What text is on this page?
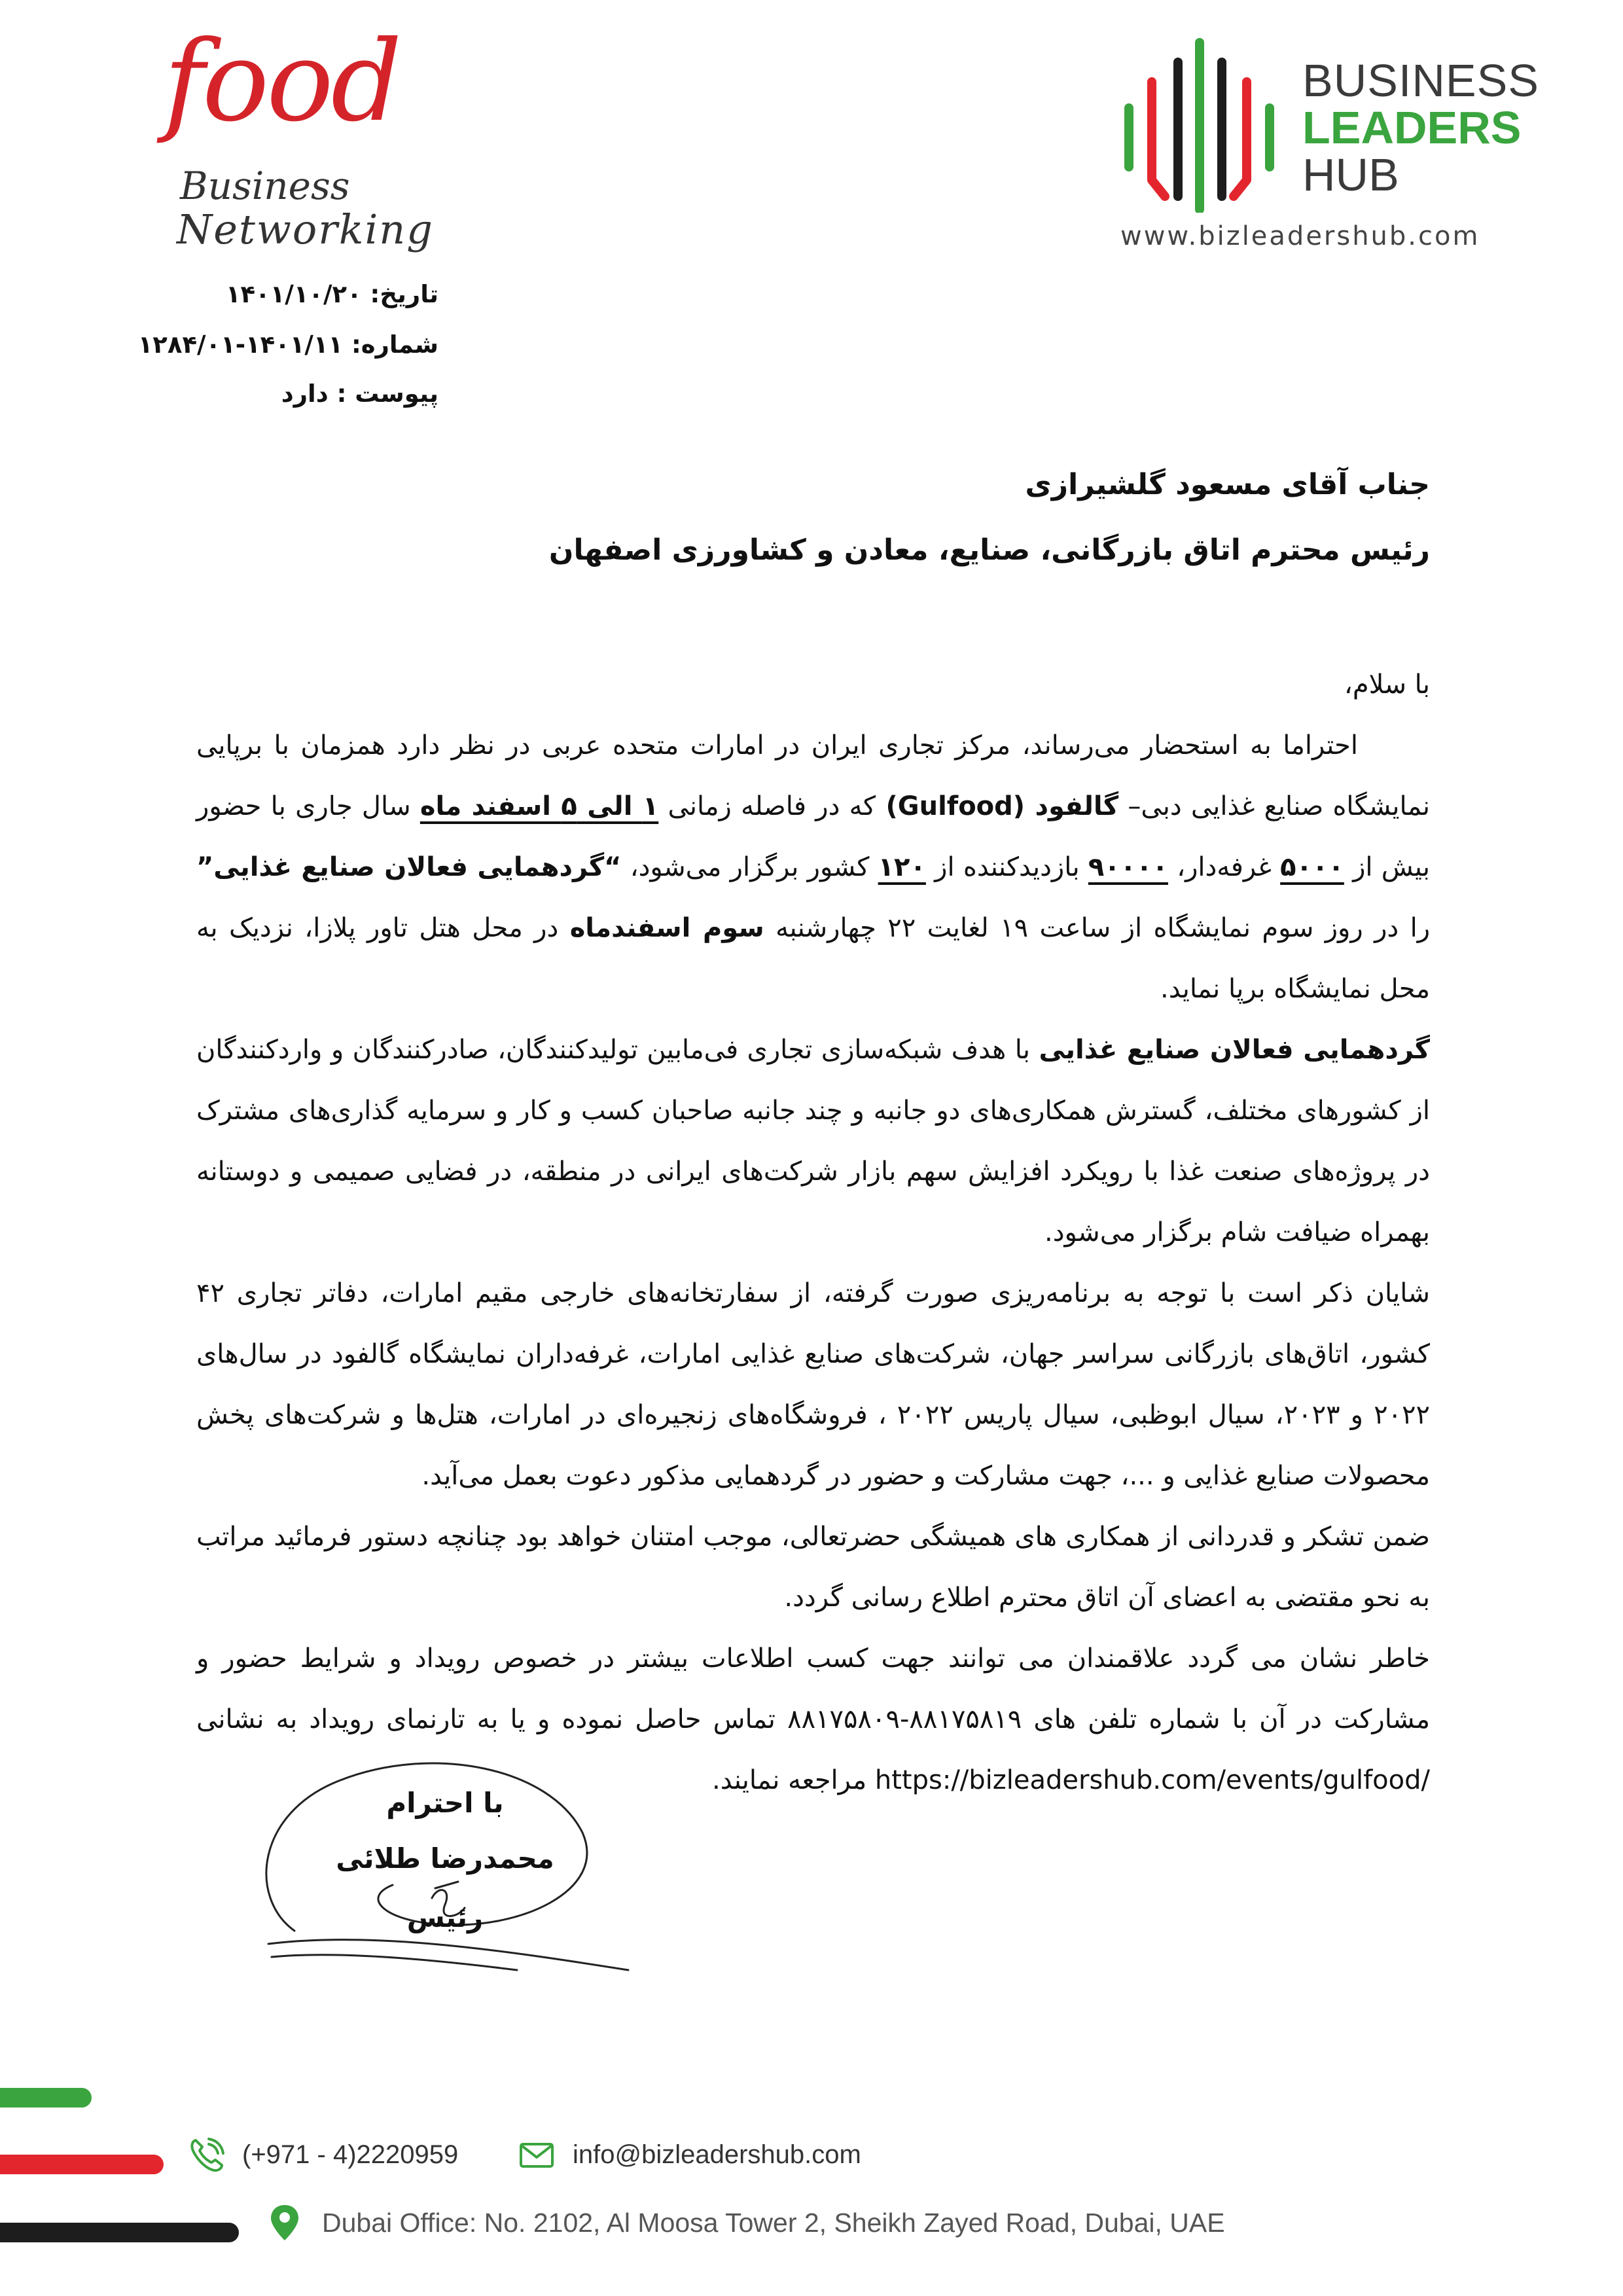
food
Business
Networking
BUSINESS
LEADERS
HUB
www.bizleadershub.com
تاریخ: ۱۴۰۱/۱۰/۲۰
شماره: ۱۴۰۱/۱۱-۱۲۸۴/۰۱
پیوست : دارد
جناب آقای مسعود گلشیرازی
رئیس محترم اتاق بازرگانی، صنایع، معادن و کشاورزی اصفهان

با سلام،

احتراما به استحضار می‌رساند، مرکز تجاری ایران در امارات متحده عربی در نظر دارد همزمان با برپایی نمایشگاه صنایع غذایی دبی– گالفود (Gulfood) که در فاصله زمانی ۱ الی ۵ اسفند ماه سال جاری با حضور بیش از ۵۰۰۰ غرفه‌دار، ۹۰۰۰۰ بازدیدکننده از ۱۲۰ کشور برگزار می‌شود، “گردهمایی فعالان صنایع غذایی” را در روز سوم نمایشگاه از ساعت ۱۹ لغایت ۲۲ چهارشنبه سوم اسفندماه در محل هتل تاور پلازا، نزدیک به محل نمایشگاه برپا نماید.

گردهمایی فعالان صنایع غذایی با هدف شبکه‌سازی تجاری فی‌مابین تولیدکنندگان، صادرکنندگان و واردکنندگان از کشورهای مختلف، گسترش همکاری‌های دو جانبه و چند جانبه صاحبان کسب و کار و سرمایه گذاری‌های مشترک در پروژه‌های صنعت غذا با رویکرد افزایش سهم بازار شرکت‌های ایرانی در منطقه، در فضایی صمیمی و دوستانه بهمراه ضیافت شام برگزار می‌شود.

شایان ذکر است با توجه به برنامه‌ریزی صورت گرفته، از سفارتخانه‌های خارجی مقیم امارات، دفاتر تجاری ۴۲ کشور، اتاق‌های بازرگانی سراسر جهان، شرکت‌های صنایع غذایی امارات، غرفه‌داران نمایشگاه گالفود در سال‌های ۲۰۲۲ و ۲۰۲۳، سیال ابوظبی، سیال پاریس ۲۰۲۲ ، فروشگاه‌های زنجیره‌ای در امارات، هتل‌ها و شرکت‌های پخش محصولات صنایع غذایی و ...، جهت مشارکت و حضور در گردهمایی مذکور دعوت بعمل می‌آید.

ضمن تشکر و قدردانی از همکاری های همیشگی حضرتعالی، موجب امتنان خواهد بود چنانچه دستور فرمائید مراتب به نحو مقتضی به اعضای آن اتاق محترم اطلاع رسانی گردد.

خاطر نشان می گردد علاقمندان می توانند جهت کسب اطلاعات بیشتر در خصوص رویداد و شرایط حضور و مشارکت در آن با شماره تلفن های ۸۸۱۷۵۸۱۹-۸۸۱۷۵۸۰۹ تماس حاصل نموده و یا به تارنمای رویداد به نشانی https://bizleadershub.com/events/gulfood/ مراجعه نمایند.

با احترام
محمدرضا طلائی
رئیس
(+971 - 4)2220959	info@bizleadershub.com
Dubai Office: No. 2102, Al Moosa Tower 2, Sheikh Zayed Road, Dubai, UAE
